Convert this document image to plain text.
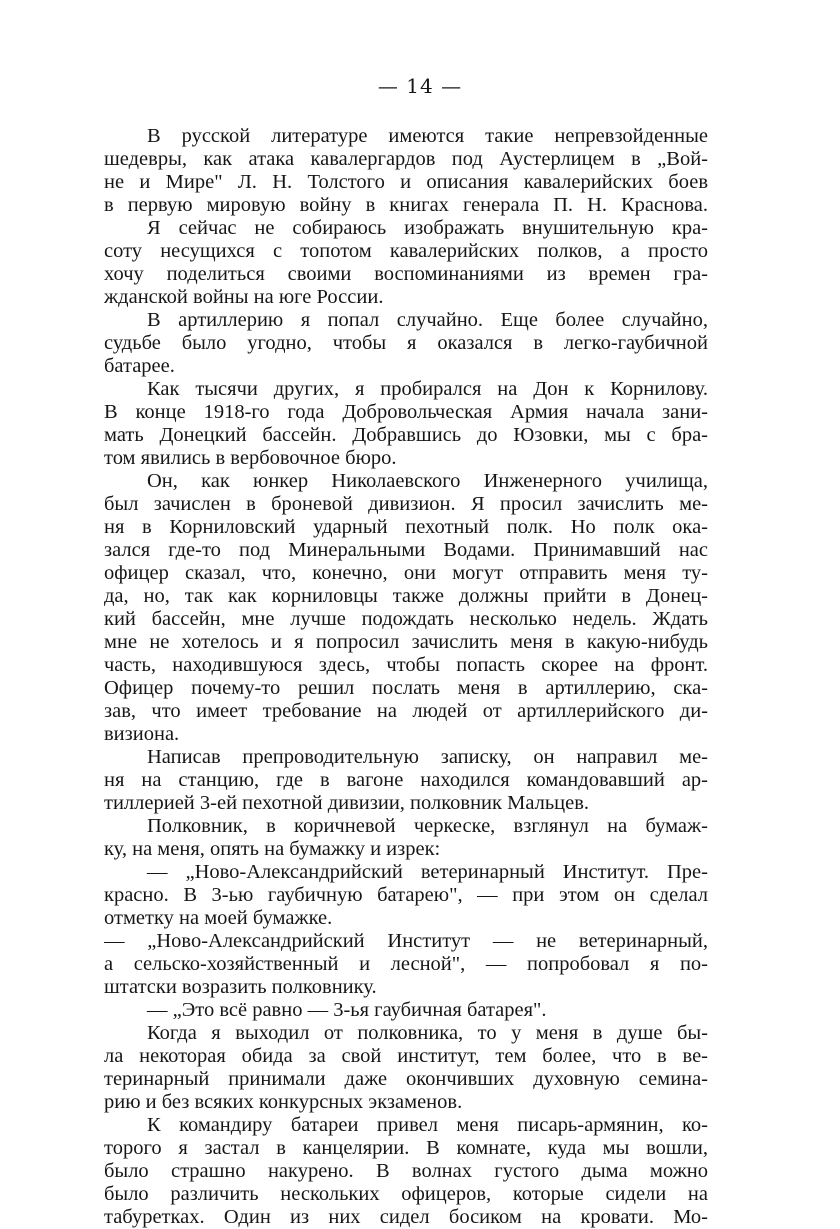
— 14 —
В русской литературе имеются такие непревзойденные
шедевры, как атака кавалергардов под Аустерлицем в „Вой-
не и Мире" Л. Н. Толстого и описания кавалерийских боев
в первую мировую войну в книгах генерала П. Н. Краснова.
Я сейчас не собираюсь изображать внушительную кра-
соту несущихся с топотом кавалерийских полков, а просто
хочу поделиться своими воспоминаниями из времен гра-
жданской войны на юге России.
В артиллерию я попал случайно. Еще более случайно,
судьбе было угодно, чтобы я оказался в легко-гаубичной
батарее.
Как тысячи других, я пробирался на Дон к Корнилову.
В конце 1918-го года Добровольческая Армия начала зани-
мать Донецкий бассейн. Добравшись до Юзовки, мы с бра-
том явились в вербовочное бюро.
Он, как юнкер Николаевского Инженерного училища,
был зачислен в броневой дивизион. Я просил зачислить ме-
ня в Корниловский ударный пехотный полк. Но полк ока-
зался где-то под Минеральными Водами. Принимавший нас
офицер сказал, что, конечно, они могут отправить меня ту-
да, но, так как корниловцы также должны прийти в Донец-
кий бассейн, мне лучше подождать несколько недель. Ждать
мне не хотелось и я попросил зачислить меня в какую-нибудь
часть, находившуюся здесь, чтобы попасть скорее на фронт.
Офицер почему-то решил послать меня в артиллерию, ска-
зав, что имеет требование на людей от артиллерийского ди-
визиона.
Написав препроводительную записку, он направил ме-
ня на станцию, где в вагоне находился командовавший ар-
тиллерией 3-ей пехотной дивизии, полковник Мальцев.
Полковник, в коричневой черкеске, взглянул на бумаж-
ку, на меня, опять на бумажку и изрек:
— „Ново-Александрийский ветеринарный Институт. Пре-
красно. В 3-ью гаубичную батарею", — при этом он сделал
отметку на моей бумажке.
— „Ново-Александрийский Институт — не ветеринарный,
а сельско-хозяйственный и лесной", — попробовал я по-
штатски возразить полковнику.
— „Это всё равно — 3-ья гаубичная батарея".
Когда я выходил от полковника, то у меня в душе бы-
ла некоторая обида за свой институт, тем более, что в ве-
теринарный принимали даже окончивших духовную семина-
рию и без всяких конкурсных экзаменов.
К командиру батареи привел меня писарь-армянин, ко-
торого я застал в канцелярии. В комнате, куда мы вошли,
было страшно накурено. В волнах густого дыма можно
было различить нескольких офицеров, которые сидели на
табуретках. Один из них сидел босиком на кровати. Мо-
